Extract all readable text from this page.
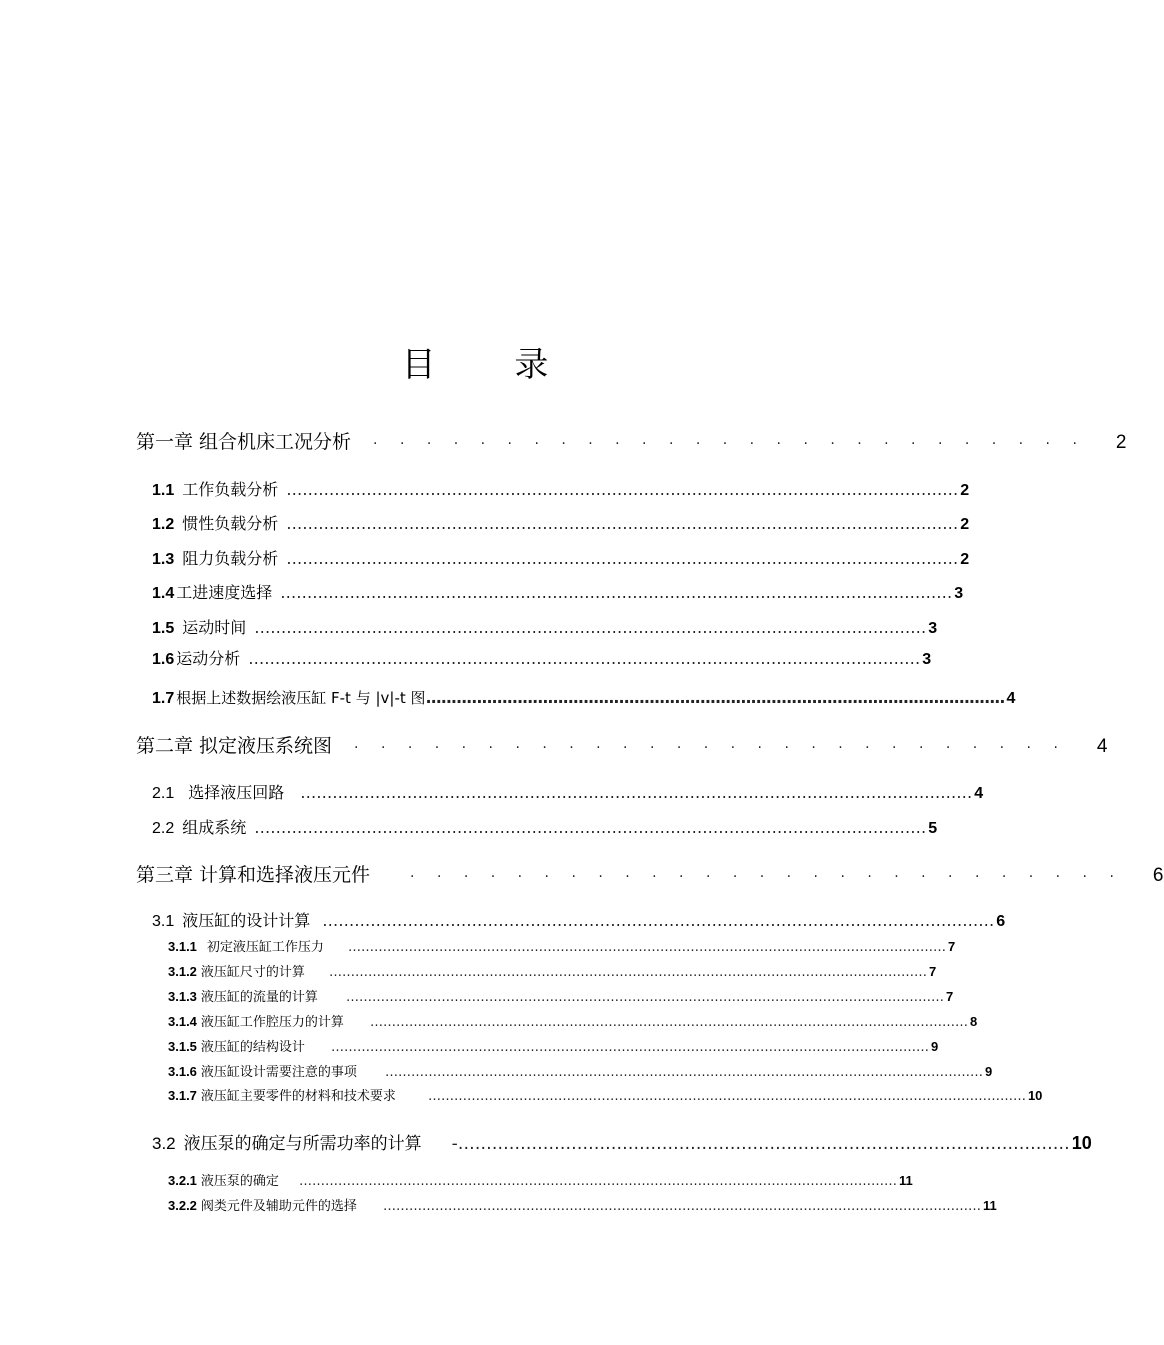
目 录
第一章 组合机床工况分析 · · · · · · · · · · · · · · · · · · · · · · · · · · · 2
1.1 工作负载分析 ……………………………………………………………………………………………………………… 2
1.2 惯性负载分析 ……………………………………………………………………………………………………………… 2
1.3 阻力负载分析 ……………………………………………………………………………………………………………… 2
1.4 工进速度选择 ……………………………………………………………………………………………………………… 3
1.5 运动时间 ……………………………………………………………………………………………………………… 3
1.6 运动分析 ……………………………………………………………………………………………………………… 3
1.7 根据上述数据绘液压缸 F-t 与 |v|-t 图 .................................................................................................................. 4
第二章 拟定液压系统图 · · · · · · · · · · · · · · · · · · · · · · · · · · · 4
2.1 选择液压回路 ……………………………………………………………………………………………………………… 4
2.2 组成系统 ……………………………………………………………………………………………………………… 5
第三章 计算和选择液压元件	· · · · · · · · · · · · · · · · · · · · · · · · · · · 6
3.1 液压缸的设计计算 ……………………………………………………………………………………………………………… 6
3.1.1 初定液压缸工作压力 ………………………………………………………………………………………………………………………… 7
3.1.2 液压缸尺寸的计算 ………………………………………………………………………………………………………………………… 7
3.1.3 液压缸的流量的计算 ………………………………………………………………………………………………………………………… 7
3.1.4 液压缸工作腔压力的计算 ………………………………………………………………………………………………………………………… 8
3.1.5 液压缸的结构设计 ………………………………………………………………………………………………………………………… 9
3.1.6 液压缸设计需要注意的事项 ………………………………………………………………………………………………………………………… 9
3.1.7 液压缸主要零件的材料和技术要求 ………………………………………………………………………………………………………………………… 10
3.2 液压泵的确定与所需功率的计算 -……………………………………………………………………………………………… 10
3.2.1 液压泵的确定 ………………………………………………………………………………………………………………………… 11
3.2.2 阀类元件及辅助元件的选择 ………………………………………………………………………………………………………………………… 11
